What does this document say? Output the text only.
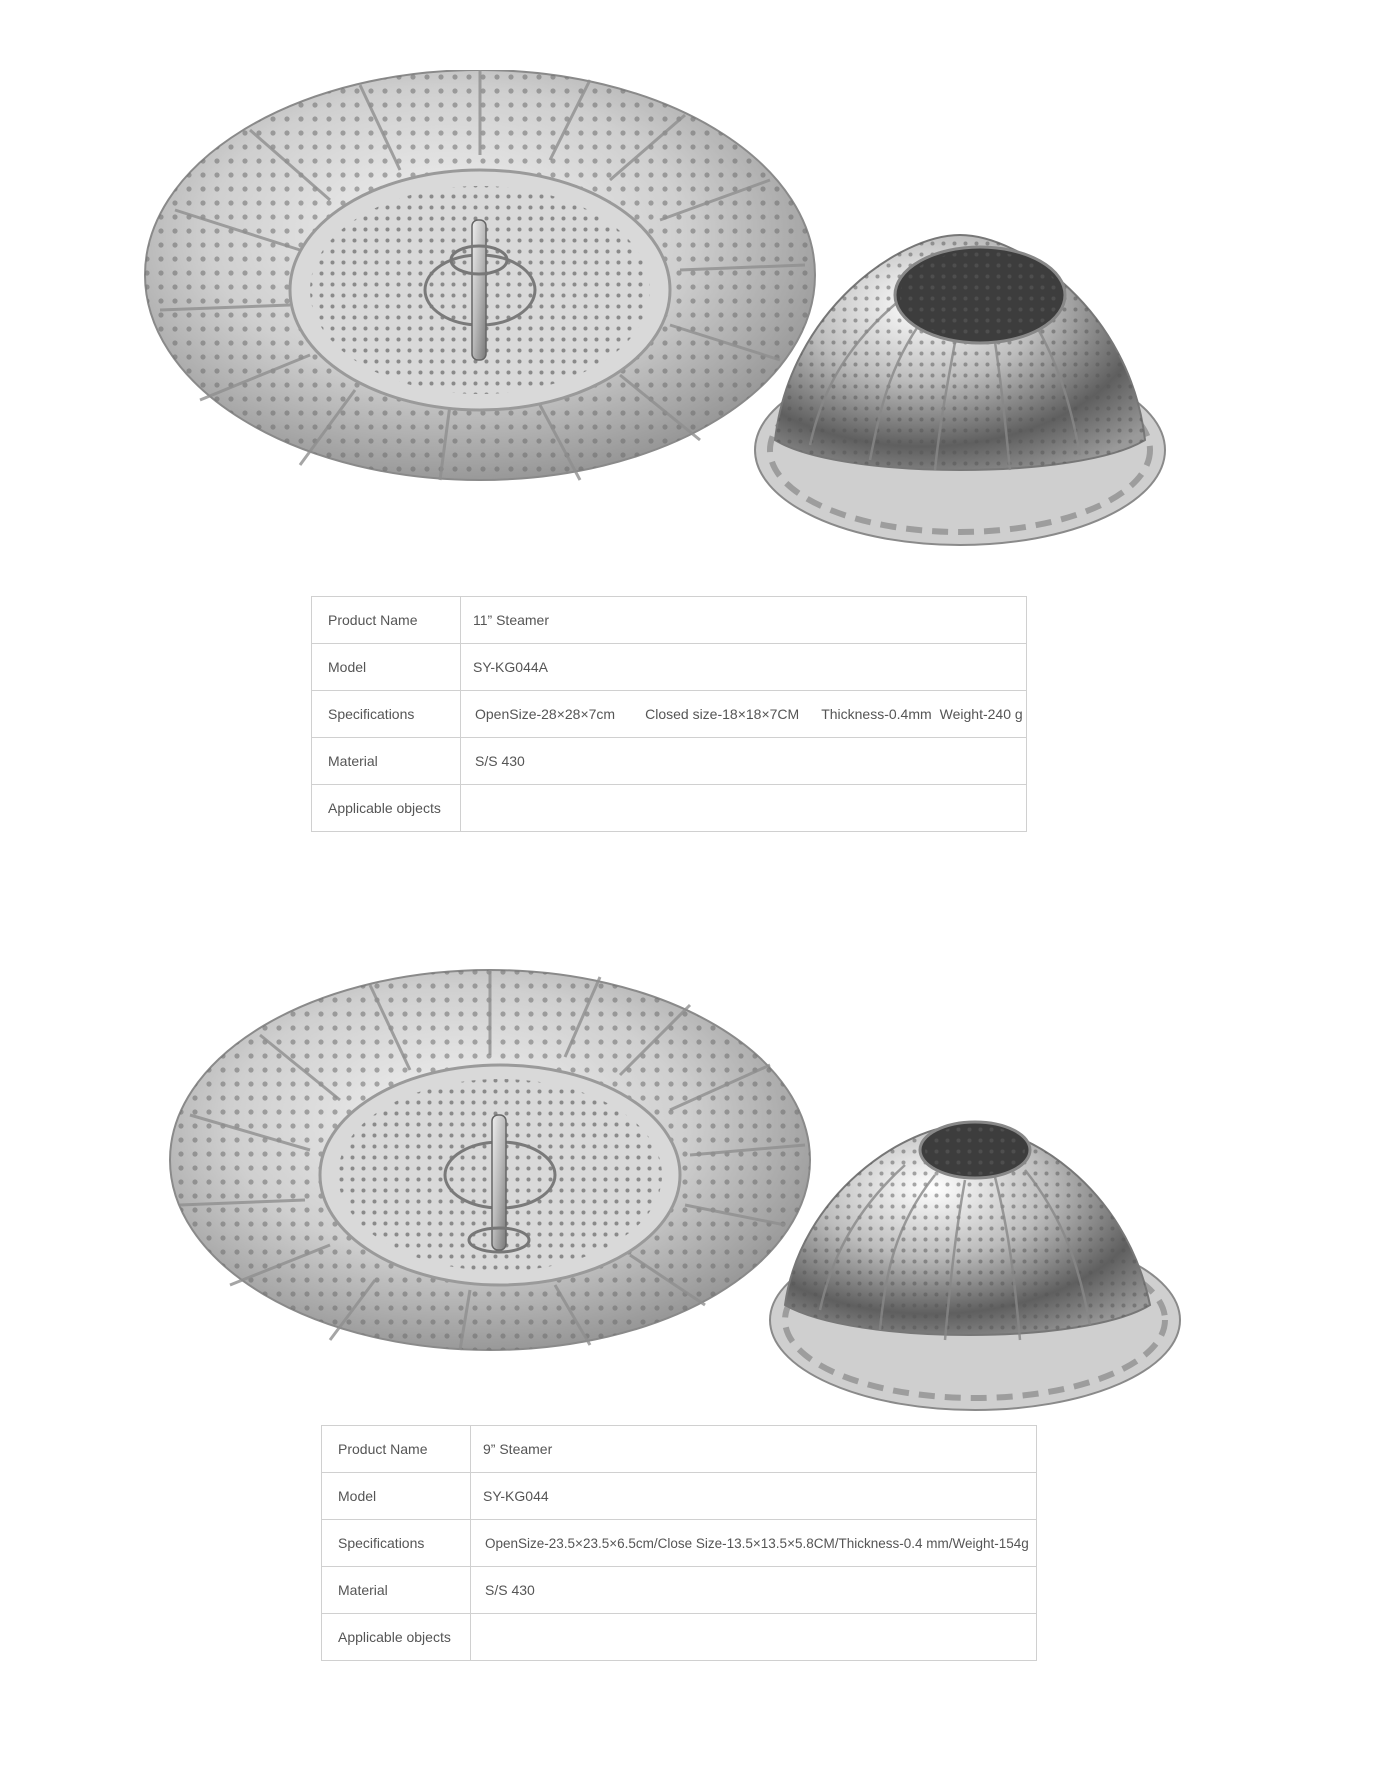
Product Name	11” Steamer
Model	SY-KG044A
Specifications	OpenSize-28×28×7cm Closed size-18×18×7CM Thickness-0.4mm Weight-240 g
Material	S/S 430
Applicable objects	
Product Name	9” Steamer
Model	SY-KG044
Specifications	OpenSize-23.5×23.5×6.5cm/Close Size-13.5×13.5×5.8CM/Thickness-0.4 mm/Weight-154g
Material	S/S 430
Applicable objects	
